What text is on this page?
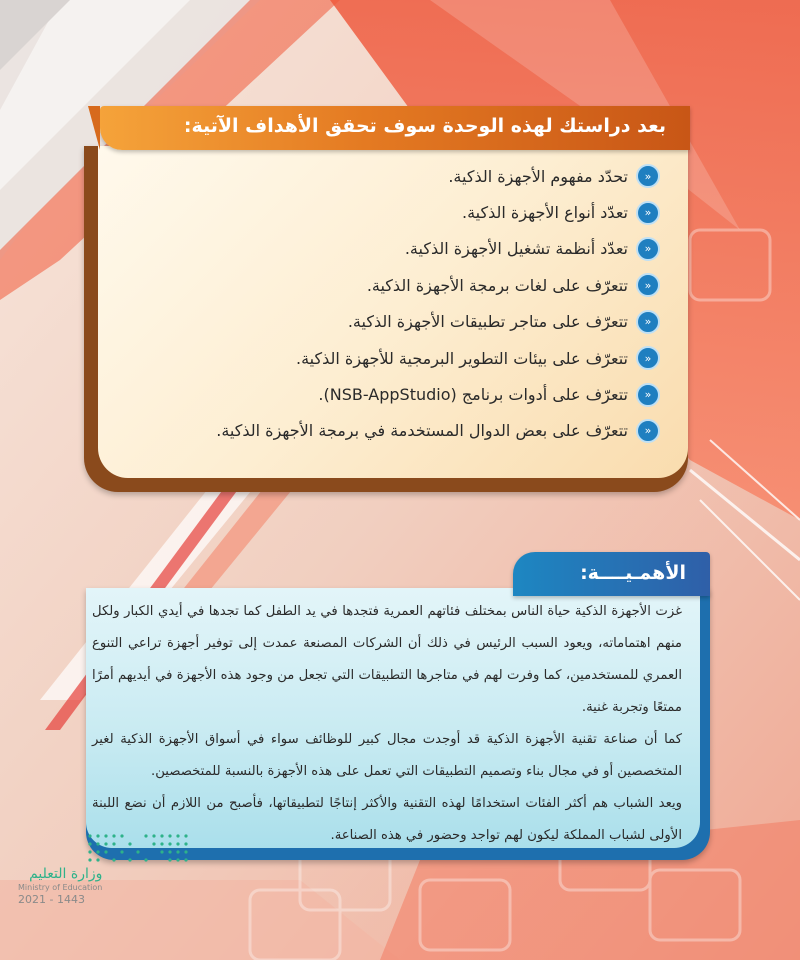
«
تحدّد مفهوم الأجهزة الذكية.
«
تعدّد أنواع الأجهزة الذكية.
«
تعدّد أنظمة تشغيل الأجهزة الذكية.
«
تتعرّف على لغات برمجة الأجهزة الذكية.
«
تتعرّف على متاجر تطبيقات الأجهزة الذكية.
«
تتعرّف على بيئات التطوير البرمجية للأجهزة الذكية.
«
تتعرّف على أدوات برنامج (NSB-AppStudio).
«
تتعرّف على بعض الدوال المستخدمة في برمجة الأجهزة الذكية.
بعد دراستك لهذه الوحدة سوف تحقق الأهداف الآتية:

غزت الأجهزة الذكية حياة الناس بمختلف فئاتهم العمرية فتجدها في يد الطفل كما تجدها في أيدي الكبار ولكل منهم اهتماماته، ويعود السبب الرئيس في ذلك أن الشركات المصنعة عمدت إلى توفير أجهزة تراعي التنوع العمري للمستخدمين، كما وفرت لهم في متاجرها التطبيقات التي تجعل من وجود هذه الأجهزة في أيديهم أمرًا ممتعًا وتجربة غنية.

كما أن صناعة تقنية الأجهزة الذكية قد أوجدت مجال كبير للوظائف سواء في أسواق الأجهزة الذكية لغير المتخصصين أو في مجال بناء وتصميم التطبيقات التي تعمل على هذه الأجهزة بالنسبة للمتخصصين.

ويعد الشباب هم أكثر الفئات استخدامًا لهذه التقنية والأكثر إنتاجًا لتطبيقاتها، فأصبح من اللازم أن نضع اللبنة الأولى لشباب المملكة ليكون لهم تواجد وحضور في هذه الصناعة.

الأهمـيــــة:
وزارة التعليم
Ministry of Education
2021 - 1443
